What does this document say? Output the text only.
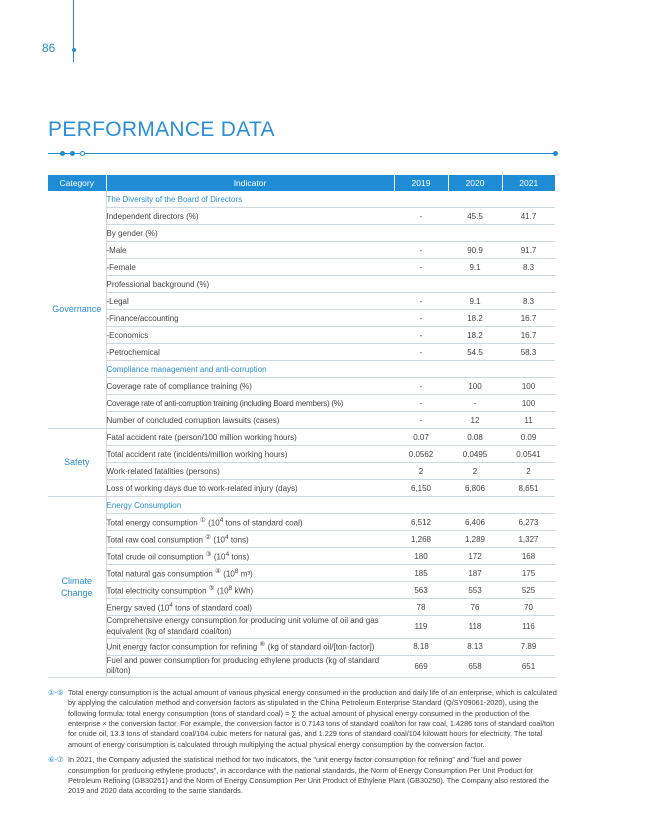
86
PERFORMANCE DATA
Category	Indicator	2019	2020	2021
Governance	The Diversity of the Board of Directors			
	Independent directors (%)	-	45.5	41.7
	By gender (%)			
	-Male	-	90.9	91.7
	-Female	-	9.1	8.3
	Professional background (%)			
	-Legal	-	9.1	8.3
	-Finance/accounting	-	18.2	16.7
	-Economics	-	18.2	16.7
	-Petrochemical	-	54.5	58.3
	Compliance management and anti-corruption			
	Coverage rate of compliance training (%)	-	100	100
	Coverage rate of anti-corruption training (including Board members) (%)	-	-	100
	Number of concluded corruption lawsuits (cases)	-	12	11
Safety	Fatal accident rate (person/100 million working hours)	0.07	0.08	0.09
	Total accident rate (incidents/million working hours)	0.0562	0.0495	0.0541
	Work-related fatalities (persons)	2	2	2
	Loss of working days due to work-related injury (days)	6,150	6,806	8,651
Climate
Change	Energy Consumption			
	Total energy consumption ① ($10^4$ tons of standard coal)	6,512	6,406	6,273
	Total raw coal consumption ② ($10^4$ tons)	1,268	1,289	1,327
	Total crude oil consumption ③ ($10^4$ tons)	180	172	168
	Total natural gas consumption ④ ($10^8$ m³)	185	187	175
	Total electricity consumption ⑤ ($10^8$ kWh)	563	553	525
	Energy saved ($10^4$ tons of standard coal)	78	76	70
	Comprehensive energy consumption for producing unit volume of oil and gas equivalent (kg of standard coal/ton)	119	118	116
	Unit energy factor consumption for refining ⑥ (kg of standard oil/[ton·factor])	8.18	8.13	7.89
	Fuel and power consumption for producing ethylene products (kg of standard oil/ton)	669	658	651
①-⑤ Total energy consumption is the actual amount of various physical energy consumed in the production and daily life of an enterprise, which is calculated by applying the calculation method and conversion factors as stipulated in the China Petroleum Enterprise Standard (Q/SY09061-2020), using the following formula: total energy consumption (tons of standard coal) = ∑ the actual amount of physical energy consumed in the production of the enterprise × the conversion factor. For example, the conversion factor is 0.7143 tons of standard coal/ton for raw coal, 1.4286 tons of standard coal/ton for crude oil, 13.3 tons of standard coal/104 cubic meters for natural gas, and 1.229 tons of standard coal/104 kilowatt hours for electricity. The total amount of energy consumption is calculated through multiplying the actual physical energy consumption by the conversion factor.
⑥-⑦ In 2021, the Company adjusted the statistical method for two indicators, the "unit energy factor consumption for refining" and "fuel and power consumption for producing ethylene products", in accordance with the national standards, the Norm of Energy Consumption Per Unit Product for Petroleum Refining (GB30251) and the Norm of Energy Consumption Per Unit Product of Ethylene Plant (GB30250). The Company also restored the 2019 and 2020 data according to the same standards.
